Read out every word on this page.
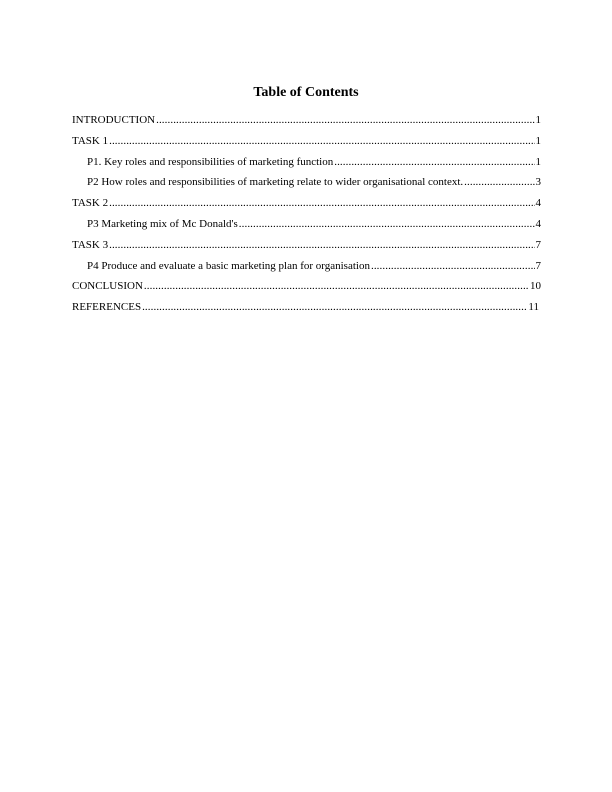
Table of Contents
INTRODUCTION .....	1
TASK 1 .....	1
P1. Key roles and responsibilities of marketing function .....	1
P2 How roles and responsibilities of marketing relate to wider organisational context. .....	3
TASK 2 .....	4
P3 Marketing mix of Mc Donald's .....	4
TASK 3 .....	7
P4 Produce and evaluate a basic marketing plan for organisation .....	7
CONCLUSION .....	10
REFERENCES .....	11
